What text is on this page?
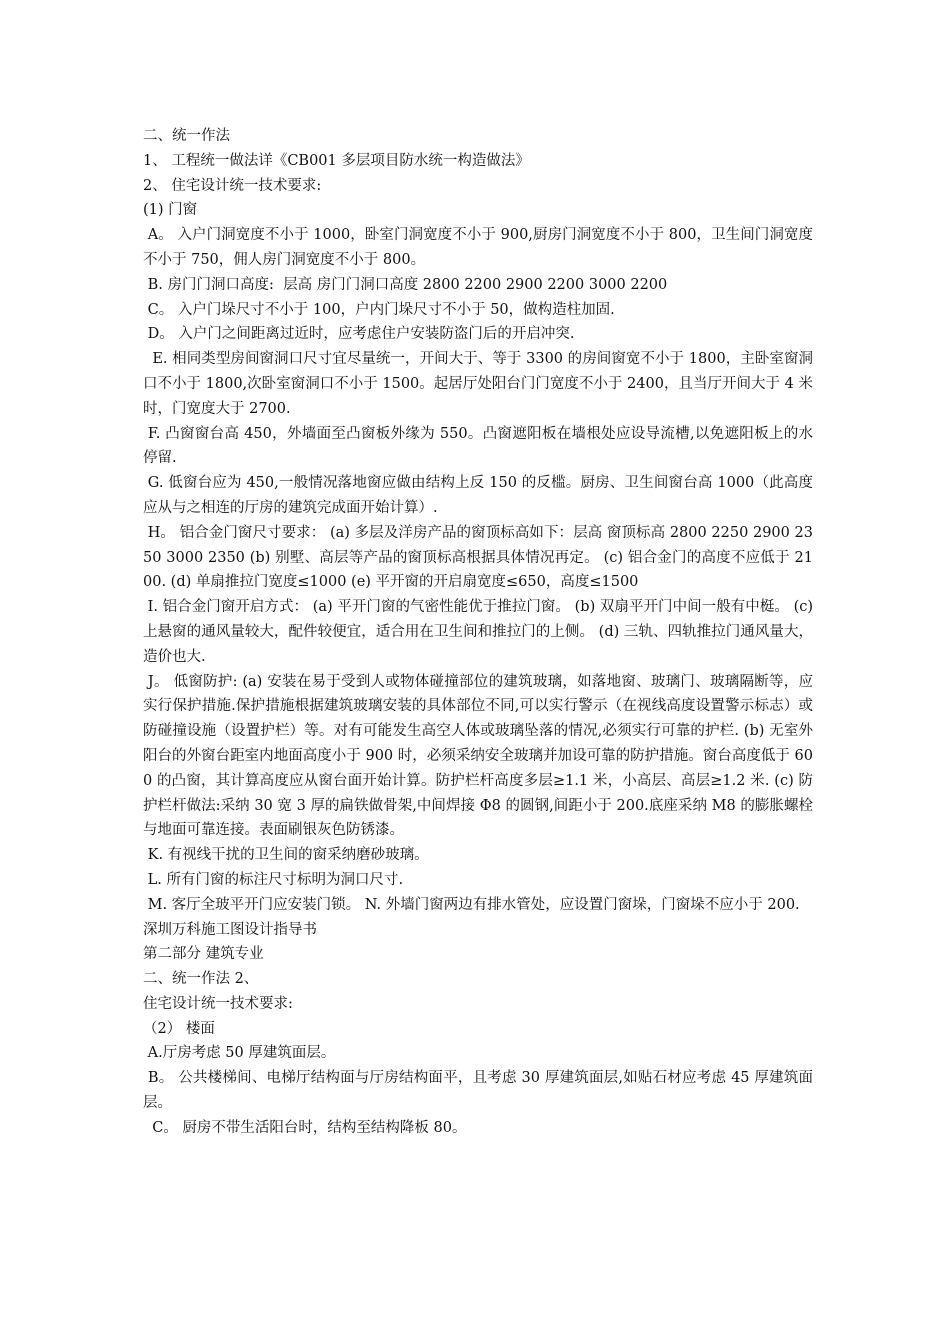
二、统一作法

1、 工程统一做法详《CB001 多层项目防水统一构造做法》

2、 住宅设计统一技术要求:

(1) 门窗

A。 入户门洞宽度不小于 1000，卧室门洞宽度不小于 900,厨房门洞宽度不小于 800，卫生间门洞宽度不小于 750，佣人房门洞宽度不小于 800。

B. 房门门洞口高度:  层高 房门门洞口高度 2800 2200 2900 2200 3000 2200

C。 入户门垛尺寸不小于 100，户内门垛尺寸不小于 50，做构造柱加固.

D。 入户门之间距离过近时，应考虑住户安装防盗门后的开启冲突.

E. 相同类型房间窗洞口尺寸宜尽量统一，开间大于、等于 3300 的房间窗宽不小于 1800，主卧室窗洞口不小于 1800,次卧室窗洞口不小于 1500。起居厅处阳台门门宽度不小于 2400，且当厅开间大于 4 米时，门宽度大于 2700.

F. 凸窗窗台高 450，外墙面至凸窗板外缘为 550。凸窗遮阳板在墙根处应设导流槽,以免遮阳板上的水停留.

G. 低窗台应为 450,一般情况落地窗应做由结构上反 150 的反槛。厨房、卫生间窗台高 1000（此高度应从与之相连的厅房的建筑完成面开始计算）.

H。 铝合金门窗尺寸要求： (a) 多层及洋房产品的窗顶标高如下：层高 窗顶标高 2800 2250 2900 2350 3000 2350 (b) 别墅、高层等产品的窗顶标高根据具体情况再定。 (c) 铝合金门的高度不应低于 2100. (d) 单扇推拉门宽度≤1000 (e) 平开窗的开启扇宽度≤650，高度≤1500

I. 铝合金门窗开启方式： (a) 平开门窗的气密性能优于推拉门窗。 (b) 双扇平开门中间一般有中梃。 (c) 上悬窗的通风量较大，配件较便宜，适合用在卫生间和推拉门的上侧。 (d) 三轨、四轨推拉门通风量大，造价也大.

J。 低窗防护: (a) 安装在易于受到人或物体碰撞部位的建筑玻璃，如落地窗、玻璃门、玻璃隔断等，应实行保护措施.保护措施根据建筑玻璃安装的具体部位不同,可以实行警示（在视线高度设置警示标志）或防碰撞设施（设置护栏）等。对有可能发生高空人体或玻璃坠落的情况,必须实行可靠的护栏. (b) 无室外阳台的外窗台距室内地面高度小于 900 时，必须采纳安全玻璃并加设可靠的防护措施。窗台高度低于 600 的凸窗，其计算高度应从窗台面开始计算。防护栏杆高度多层≥1.1 米，小高层、高层≥1.2 米. (c) 防护栏杆做法:采纳 30 宽 3 厚的扁铁做骨架,中间焊接 Φ8 的圆钢,间距小于 200.底座采纳 M8 的膨胀螺栓与地面可靠连接。表面刷银灰色防锈漆。

K. 有视线干扰的卫生间的窗采纳磨砂玻璃。

L. 所有门窗的标注尺寸标明为洞口尺寸.

M. 客厅全玻平开门应安装门锁。 N. 外墙门窗两边有排水管处，应设置门窗垛，门窗垛不应小于 200.

深圳万科施工图设计指导书

第二部分 建筑专业

二、统一作法 2、

住宅设计统一技术要求:

（2） 楼面

A.厅房考虑 50 厚建筑面层。

B。 公共楼梯间、电梯厅结构面与厅房结构面平，且考虑 30 厚建筑面层,如贴石材应考虑 45 厚建筑面层。

C。 厨房不带生活阳台时，结构至结构降板 80。
